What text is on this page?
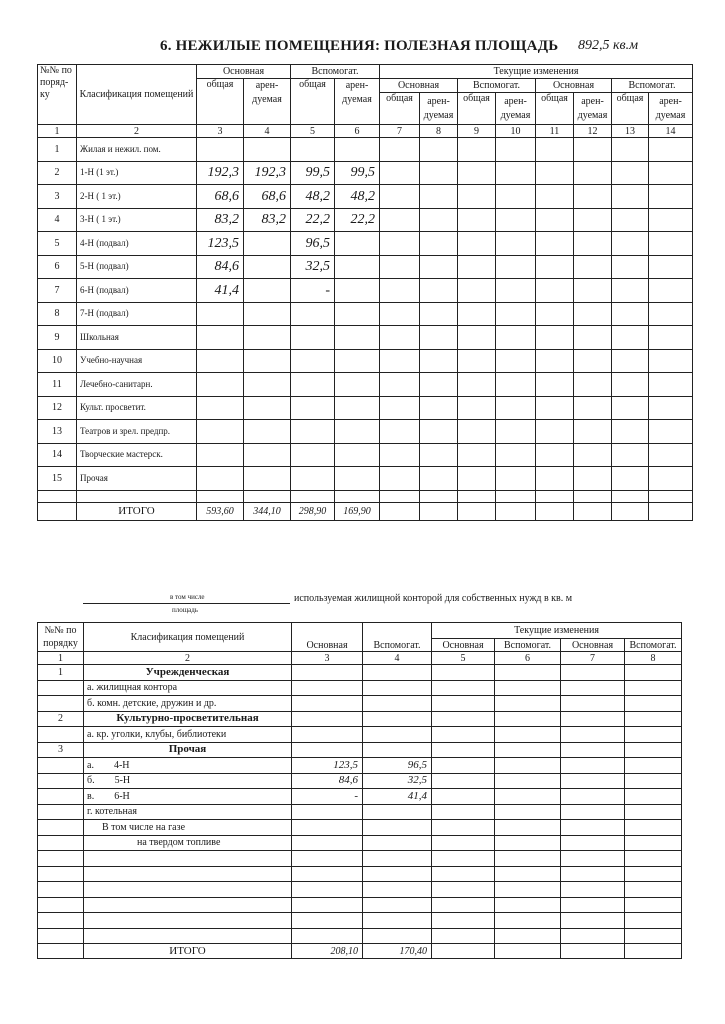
6. НЕЖИЛЫЕ ПОМЕЩЕНИЯ: ПОЛЕЗНАЯ ПЛОЩАДЬ 892,5 кв.м
№№ по поряд-ку	Класификация помещений	Основная		Вспомогат.		Текущие изменения							
		общая	арен- дуемая	общая	арен- дуемая	Основная		Вспомогат.		Основная		Вспомогат.	
						общая	арен- дуемая	общая	арен- дуемая	общая	арен- дуемая	общая	арен- дуемая
1	2	3	4	5	6	7	8	9	10	11	12	13	14
1	Жилая и нежил. пом.												
2	1-Н (1 эт.)	192,3	192,3	99,5	99,5								
3	2-Н ( 1 эт.)	68,6	68,6	48,2	48,2								
4	3-Н ( 1 эт.)	83,2	83,2	22,2	22,2								
5	4-Н (подвал)	123,5		96,5									
6	5-Н (подвал)	84,6		32,5									
7	6-Н (подвал)	41,4		-									
8	7-Н (подвал)												
9	Школьная												
10	Учебно-научная												
11	Лечебно-санитарн.												
12	Культ. просветит.												
13	Театров и зрел. предпр.												
14	Творческие мастерск.												
15	Прочая												

	ИТОГО	593,60	344,10	298,90	169,90								
в том числе
площадь
используемая жилищной конторой для собственных нужд в кв. м
№№ по порядку	Класификация помещений	Основная	Вспомогат.	Текущие изменения			
				Основная	Вспомогат.	Основная	Вспомогат.
1	2	3	4	5	6	7	8
1	Учрежденческая						
	а. жилищная контора						
	б. комн. детские, дружин и др.						
2	Культурно-просветительная						
	а. кр. уголки, клубы, библиотеки						
3	Прочая						
	а.        4-Н	123,5	96,5				
	б.        5-Н	84,6	32,5				
	в.        6-Н	-	41,4				
	г. котельная						
	В том числе на газе						
	на твердом топливе						

	ИТОГО	208,10	170,40				
